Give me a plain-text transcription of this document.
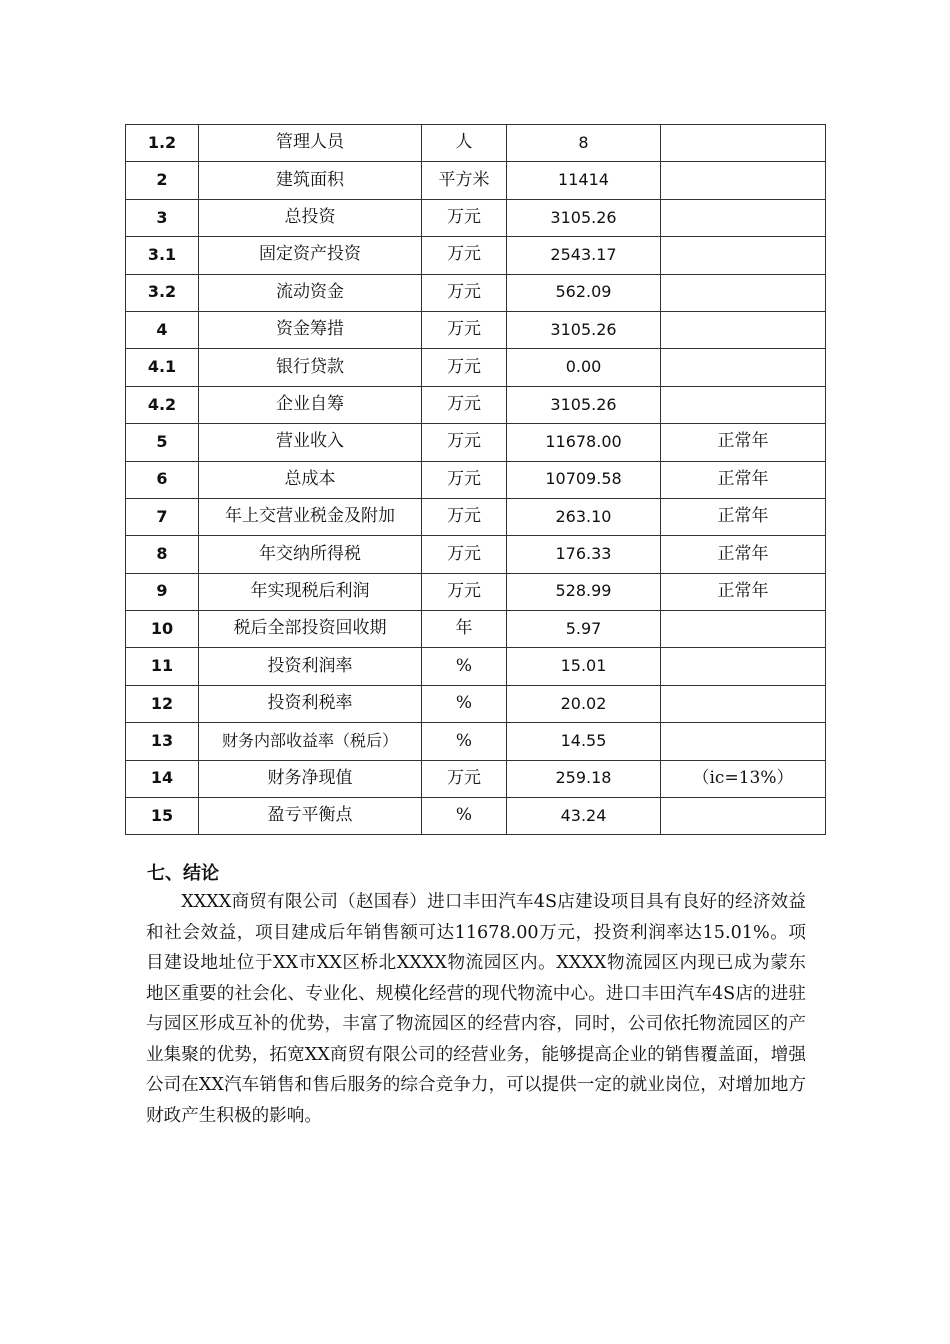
1.2	管理人员	人	8	
2	建筑面积	平方米	11414	
3	总投资	万元	3105.26	
3.1	固定资产投资	万元	2543.17	
3.2	流动资金	万元	562.09	
4	资金筹措	万元	3105.26	
4.1	银行贷款	万元	0.00	
4.2	企业自筹	万元	3105.26	
5	营业收入	万元	11678.00	正常年
6	总成本	万元	10709.58	正常年
7	年上交营业税金及附加	万元	263.10	正常年
8	年交纳所得税	万元	176.33	正常年
9	年实现税后利润	万元	528.99	正常年
10	税后全部投资回收期	年	5.97	
11	投资利润率	%	15.01	
12	投资利税率	%	20.02	
13	财务内部收益率（税后）	%	14.55	
14	财务净现值	万元	259.18	（ic=13%）
15	盈亏平衡点	%	43.24	
七、结论

XXXX商贸有限公司（赵国春）进口丰田汽车4S店建设项目具有良好的经济效益和社会效益，项目建成后年销售额可达11678.00万元，投资利润率达15.01%。项目建设地址位于XX市XX区桥北XXXX物流园区内。XXXX物流园区内现已成为蒙东地区重要的社会化、专业化、规模化经营的现代物流中心。进口丰田汽车4S店的进驻与园区形成互补的优势，丰富了物流园区的经营内容，同时，公司依托物流园区的产业集聚的优势，拓宽XX商贸有限公司的经营业务，能够提高企业的销售覆盖面，增强公司在XX汽车销售和售后服务的综合竞争力，可以提供一定的就业岗位，对增加地方财政产生积极的影响。
